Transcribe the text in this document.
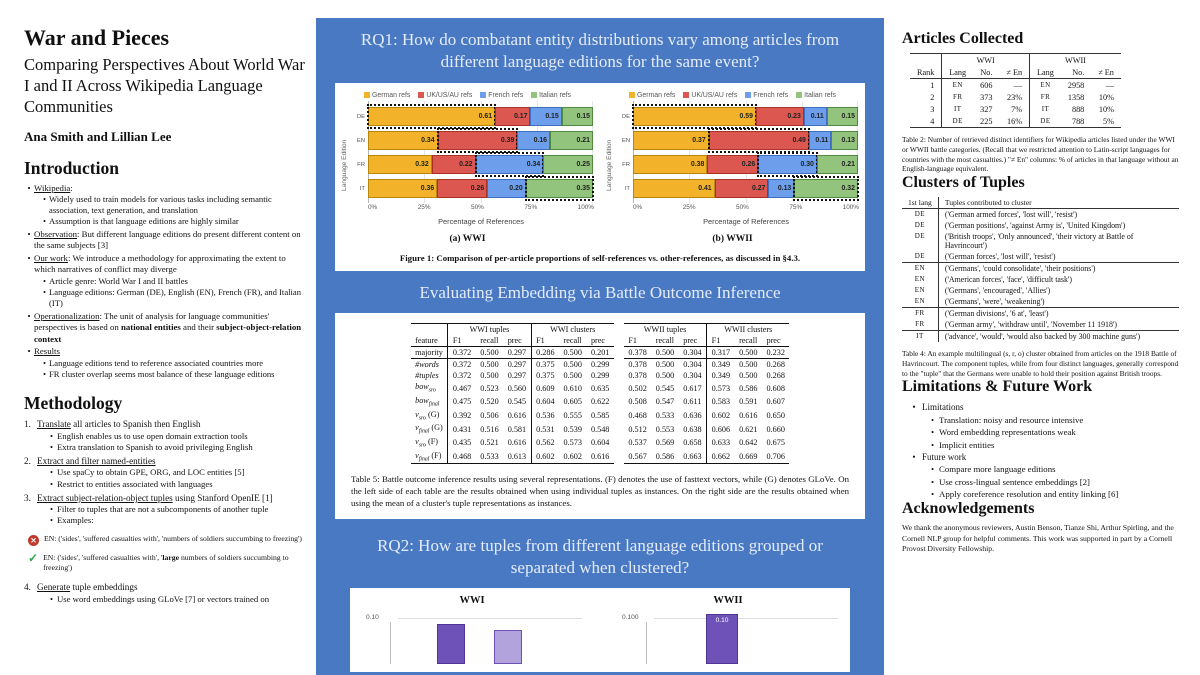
War and Pieces
Comparing Perspectives About World War I and II Across Wikipedia Language Communities
Ana Smith and Lillian Lee
Introduction
• Wikipedia:
• Widely used to train models for various tasks including semantic association, text generation, and translation
• Assumption is that language editions are highly similar
• Observation: But different language editions do present different content on the same subjects [3]
• Our work: We introduce a methodology for approximating the extent to which narratives of conflict may diverge
• Article genre: World War I and II battles
• Language editions: German (DE), English (EN), French (FR), and Italian (IT)
• Operationalization: The unit of analysis for language communities' perspectives is based on national entities and their subject-object-relation context
• Results
• Language editions tend to reference associated countries more
• FR cluster overlap seems most balance of these language editions
Methodology
1. Translate all articles to Spanish then English
• English enables us to use open domain extraction tools
• Extra translation to Spanish to avoid privileging English
2. Extract and filter named-entities
• Use spaCy to obtain GPE, ORG, and LOC entities [5]
• Restrict to entities associated with languages
3. Extract subject-relation-object tuples using Stanford OpenIE [1]
• Filter to tuples that are not a subcomponents of another tuple
• Examples:
✕ EN: ('sides', 'suffered casualties with', 'numbers of soldiers succumbing to freezing')
✓ EN: ('sides', 'suffered casualties with', 'large numbers of soldiers succumbing to freezing')
4. Generate tuple embeddings
• Use word embeddings using GLoVe [7] or vectors trained on
RQ1: How do combatant entity distributions vary among articles from different language editions for the same event?
German refs UK/US/AU refs French refs Italian refs
Language Edition
DE	0.61	0.17	0.15	0.15
EN	0.34	0.39	0.16	0.21
FR	0.32	0.22	0.34	0.25
IT	0.36	0.26	0.20	0.35
0%	25%	50%	75%	100%
Percentage of References
(a) WWI
German refs UK/US/AU refs French refs Italian refs
Language Edition
DE	0.59	0.23	0.11	0.15
EN	0.37	0.49	0.11	0.13
FR	0.38	0.26	0.30	0.21
IT	0.41	0.27	0.13	0.32
0%	25%	50%	75%	100%
Percentage of References
(b) WWII
Figure 1: Comparison of per-article proportions of self-references vs. other-references, as discussed in §4.3.
Evaluating Embedding via Battle Outcome Inference
	WWI tuples			WWI clusters				WWII tuples			WWII clusters		
feature	F1	recall	prec	F1	recall	prec		F1	recall	prec	F1	recall	prec
majority	0.372	0.500	0.297	0.286	0.500	0.201		0.378	0.500	0.304	0.317	0.500	0.232
#words	0.372	0.500	0.297	0.375	0.500	0.299		0.378	0.500	0.304	0.349	0.500	0.268
#tuples	0.372	0.500	0.297	0.375	0.500	0.299		0.378	0.500	0.304	0.349	0.500	0.268
bow$_{sro}$	0.467	0.523	0.560	0.609	0.610	0.635		0.502	0.545	0.617	0.573	0.586	0.608
bow$_{final}$	0.475	0.520	0.545	0.604	0.605	0.622		0.508	0.547	0.611	0.583	0.591	0.607
$v_{sro}$ (G)	0.392	0.506	0.616	0.536	0.555	0.585		0.468	0.533	0.636	0.602	0.616	0.650
$v_{final}$ (G)	0.431	0.516	0.581	0.531	0.539	0.548		0.512	0.553	0.638	0.606	0.621	0.660
$v_{sro}$ (F)	0.435	0.521	0.616	0.562	0.573	0.604		0.537	0.569	0.658	0.633	0.642	0.675
$v_{final}$ (F)	0.468	0.533	0.613	0.602	0.602	0.616		0.567	0.586	0.663	0.662	0.669	0.706
Table 5: Battle outcome inference results using several representations. (F) denotes the use of fasttext vectors, while (G) denotes GLoVe. On the left side of each table are the results obtained when using individual tuples as instances. On the right side are the results obtained when using the mean of a cluster's tuple representations as instances.
RQ2: How are tuples from different language editions grouped or separated when clustered?
WWI
0.10
WWII
0.100	0.10
Articles Collected
	WWI			WWII		
Rank	Lang	No.	≠ En	Lang	No.	≠ En
1	EN	606	—	EN	2958	—
2	FR	373	23%	FR	1358	10%
3	IT	327	7%	IT	888	10%
4	DE	225	16%	DE	788	5%
Table 2: Number of retrieved distinct identifiers for Wikipedia articles listed under the WWI or WWII battle categories. (Recall that we restricted attention to Latin-script languages for countries with the most casualties.) "≠ En" columns: % of articles in that language without an English-language equivalent.
Clusters of Tuples
1st lang	Tuples contributed to cluster
DE	('German armed forces', 'lost will', 'resist')
DE	('German positions', 'against Army is', 'United Kingdom')
DE	('British troops', 'Only announced', 'their victory at Battle of Havrincourt')
DE	('German forces', 'lost will', 'resist')
EN	('Germans', 'could consolidate', 'their positions')
EN	('American forces', 'face', 'difficult task')
EN	('Germans', 'encouraged', 'Allies')
EN	('Germans', 'were', 'weakening')
FR	('German divisions', '6 at', 'least')
FR	('German army', 'withdraw until', 'November 11 1918')
IT	('advance', 'would', 'would also backed by 300 machine guns')
Table 4: An example multilingual (s, r, o) cluster obtained from articles on the 1918 Battle of Havrincourt. The component tuples, while from four distinct languages, generally correspond to the "tuple" that the Germans were unable to hold their position against British troops.
Limitations & Future Work
• Limitations
• Translation: noisy and resource intensive
• Word embedding representations weak
• Implicit entities
• Future work
• Compare more language editions
• Use cross-lingual sentence embeddings [2]
• Apply coreference resolution and entity linking [6]
Acknowledgements
We thank the anonymous reviewers, Austin Benson, Tianze Shi, Arthur Spirling, and the Cornell NLP group for helpful comments. This work was supported in part by a Cornell Provost Diversity Fellowship.
